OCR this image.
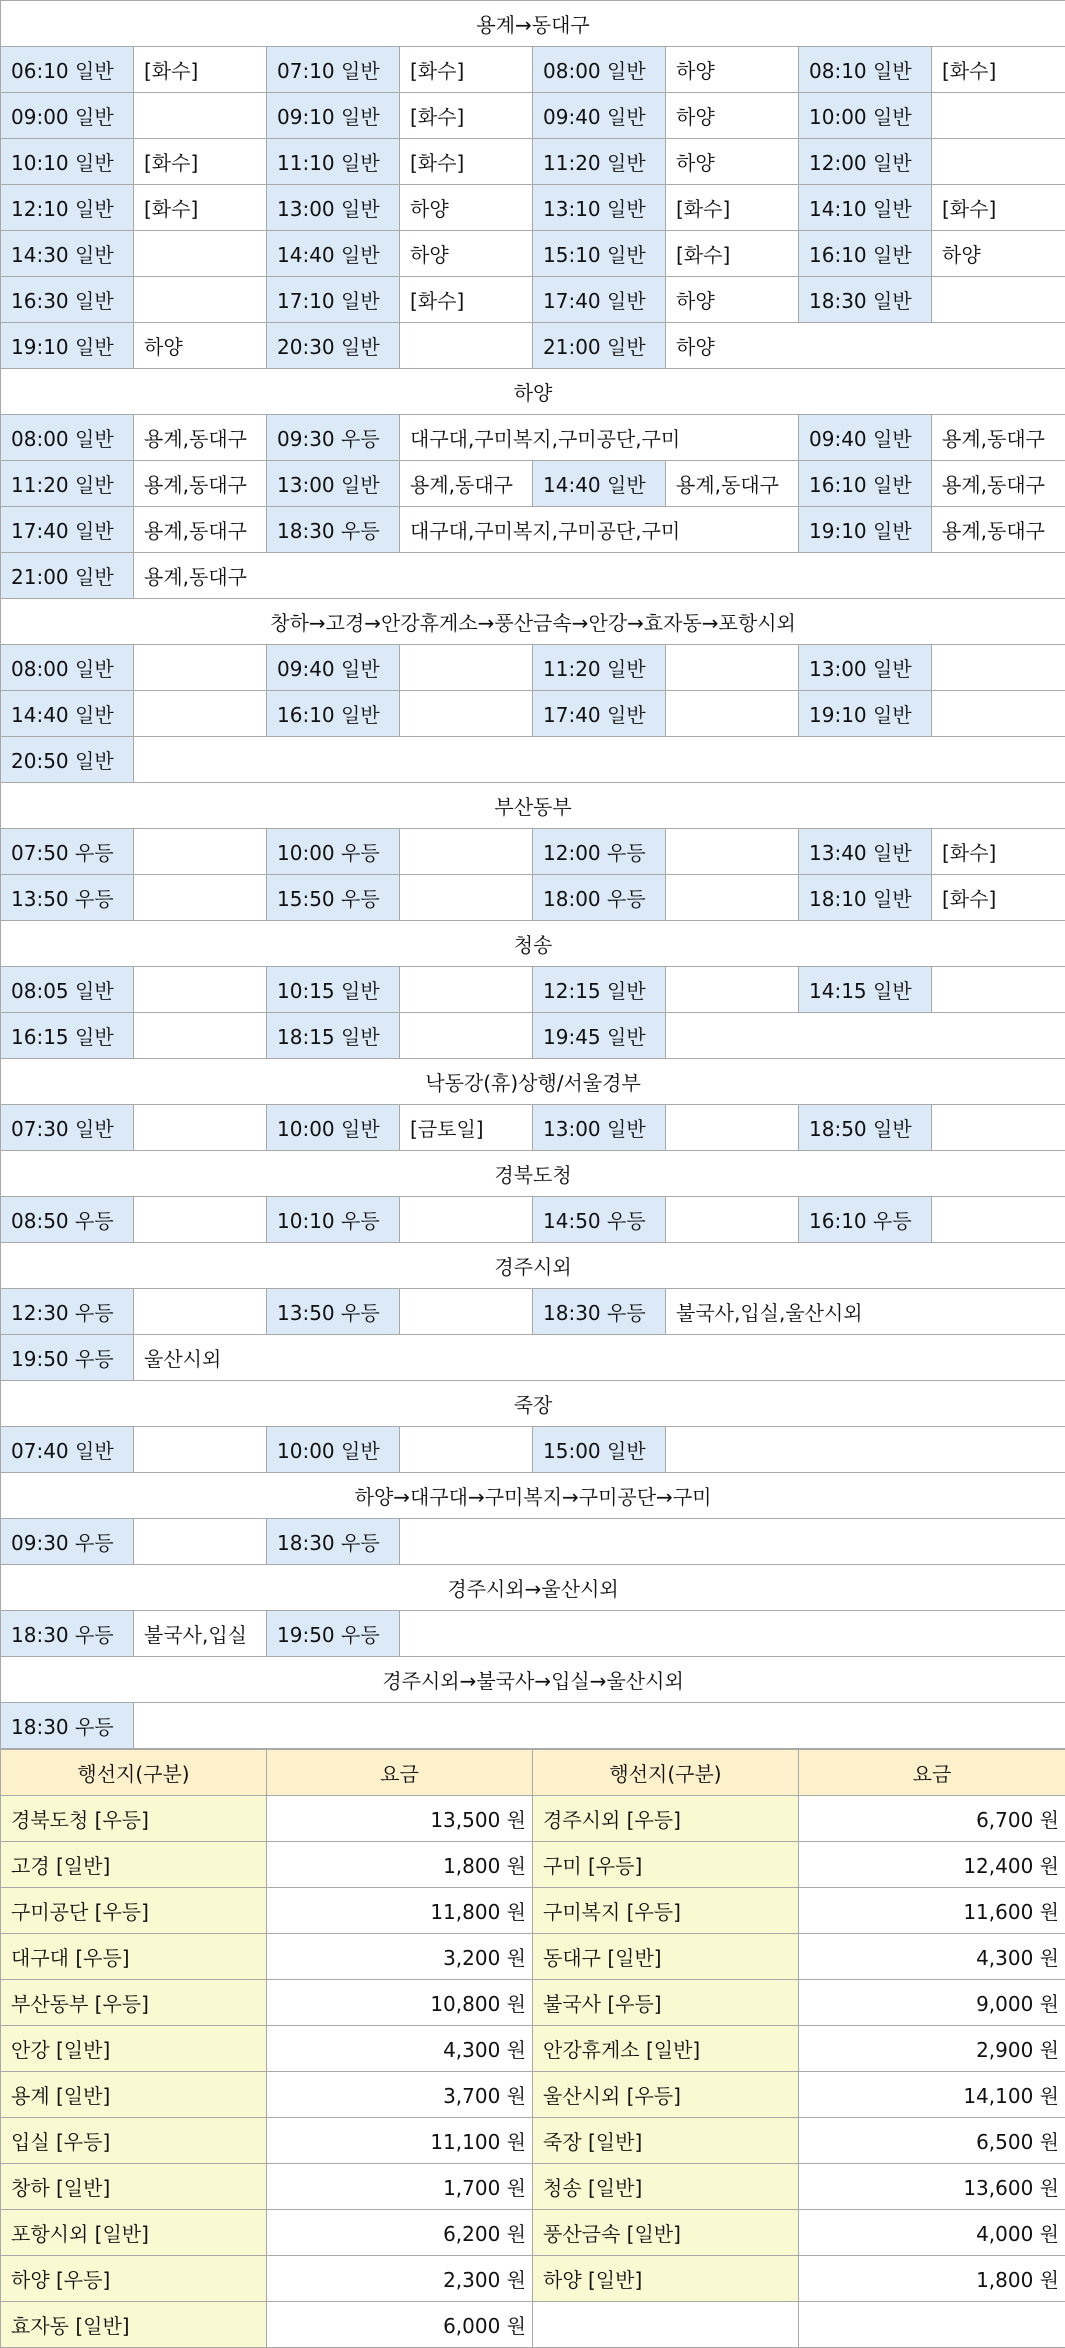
용계→동대구							
06:10 일반	[화수]	07:10 일반	[화수]	08:00 일반	하양	08:10 일반	[화수]
09:00 일반		09:10 일반	[화수]	09:40 일반	하양	10:00 일반	
10:10 일반	[화수]	11:10 일반	[화수]	11:20 일반	하양	12:00 일반	
12:10 일반	[화수]	13:00 일반	하양	13:10 일반	[화수]	14:10 일반	[화수]
14:30 일반		14:40 일반	하양	15:10 일반	[화수]	16:10 일반	하양
16:30 일반		17:10 일반	[화수]	17:40 일반	하양	18:30 일반	
19:10 일반	하양	20:30 일반		21:00 일반	하양		
하양							
08:00 일반	용계,동대구	09:30 우등	대구대,구미복지,구미공단,구미			09:40 일반	용계,동대구
11:20 일반	용계,동대구	13:00 일반	용계,동대구	14:40 일반	용계,동대구	16:10 일반	용계,동대구
17:40 일반	용계,동대구	18:30 우등	대구대,구미복지,구미공단,구미			19:10 일반	용계,동대구
21:00 일반	용계,동대구						
창하→고경→안강휴게소→풍산금속→안강→효자동→포항시외							
08:00 일반		09:40 일반		11:20 일반		13:00 일반	
14:40 일반		16:10 일반		17:40 일반		19:10 일반	
20:50 일반							
부산동부							
07:50 우등		10:00 우등		12:00 우등		13:40 일반	[화수]
13:50 우등		15:50 우등		18:00 우등		18:10 일반	[화수]
청송							
08:05 일반		10:15 일반		12:15 일반		14:15 일반	
16:15 일반		18:15 일반		19:45 일반			
낙동강(휴)상행/서울경부							
07:30 일반		10:00 일반	[금토일]	13:00 일반		18:50 일반	
경북도청							
08:50 우등		10:10 우등		14:50 우등		16:10 우등	
경주시외							
12:30 우등		13:50 우등		18:30 우등	불국사,입실,울산시외		
19:50 우등	울산시외						
죽장							
07:40 일반		10:00 일반		15:00 일반			
하양→대구대→구미복지→구미공단→구미							
09:30 우등		18:30 우등					
경주시외→울산시외							
18:30 우등	불국사,입실	19:50 우등					
경주시외→불국사→입실→울산시외							
18:30 우등							
행선지(구분)	요금	행선지(구분)	요금
경북도청 [우등]	13,500 원	경주시외 [우등]	6,700 원
고경 [일반]	1,800 원	구미 [우등]	12,400 원
구미공단 [우등]	11,800 원	구미복지 [우등]	11,600 원
대구대 [우등]	3,200 원	동대구 [일반]	4,300 원
부산동부 [우등]	10,800 원	불국사 [우등]	9,000 원
안강 [일반]	4,300 원	안강휴게소 [일반]	2,900 원
용계 [일반]	3,700 원	울산시외 [우등]	14,100 원
입실 [우등]	11,100 원	죽장 [일반]	6,500 원
창하 [일반]	1,700 원	청송 [일반]	13,600 원
포항시외 [일반]	6,200 원	풍산금속 [일반]	4,000 원
하양 [우등]	2,300 원	하양 [일반]	1,800 원
효자동 [일반]	6,000 원		
